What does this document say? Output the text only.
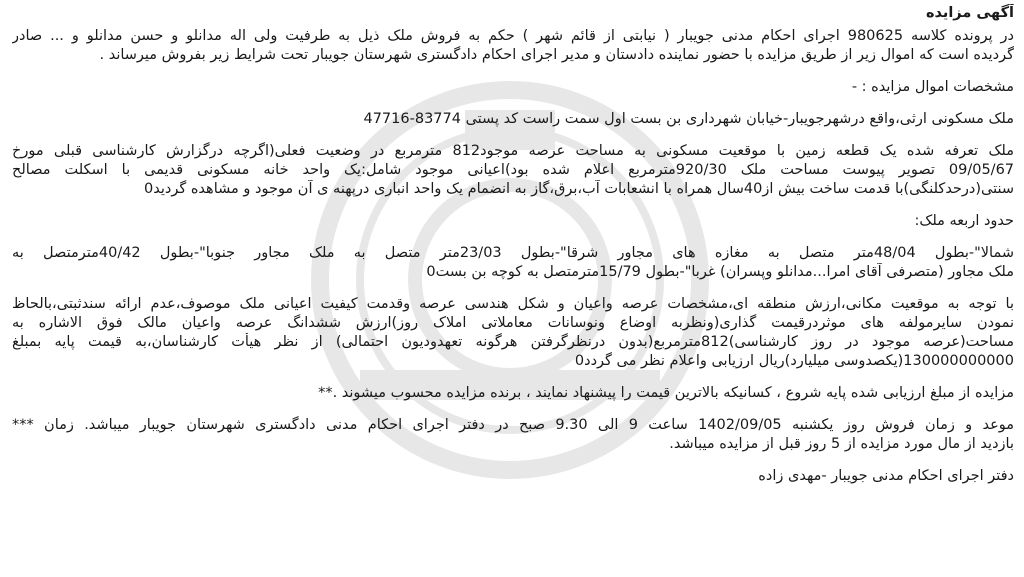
آگهی مزایده
در پرونده کلاسه 980625 اجرای احکام مدنی جویبار ( نیابتی از قائم شهر ) حکم به فروش ملک ذیل به طرفیت ولی اله مدانلو و حسن مدانلو و ... صادر
گردیده است که اموال زیر از طریق مزایده با حضور نماینده دادستان و مدیر اجرای احکام دادگستری شهرستان جویبار تحت شرایط زیر بفروش میرساند .
مشخصات اموال مزایده : -
ملک مسکونی ارثی،واقع درشهرجویبار-خیابان شهرداری بن بست اول سمت راست کد پستی 83774-47716
ملک تعرفه شده یک قطعه زمین با موقعیت مسکونی به مساحت عرصه موجود812 مترمربع در وضعیت فعلی(اگرچه درگزارش کارشناسی قبلی مورخ
09/05/67 تصویر پیوست مساحت ملک 920/30مترمربع اعلام شده بود)اعیانی موجود شامل:یک واحد خانه مسکونی قدیمی با اسکلت مصالح
سنتی(درحدکلنگی)با قدمت ساخت بیش از40سال همراه با انشعابات آب،برق،گاز به انضمام یک واحد انباری درپهنه ی آن موجود و مشاهده گردید0
حدود اربعه ملک:
شمالا"-بطول 48/04متر متصل به مغازه های مجاور شرقا"-بطول 23/03متر متصل به ملک مجاور جنوبا"-بطول 40/42مترمتصل به
ملک مجاور (متصرفی آقای امرا...مدانلو وپسران) غربا"-بطول 15/79مترمتصل به کوچه بن بست0
با توجه به موقعیت مکانی،ارزش منطقه ای،مشخصات عرصه واعیان و شکل هندسی عرصه وقدمت کیفیت اعیانی ملک موصوف،عدم ارائه سندثبتی،بالحاظ
نمودن سایرمولفه های موثردرقیمت گذاری(ونظربه اوضاع ونوسانات معاملاتی املاک روز)ارزش ششدانگ عرصه واعیان مالک فوق الاشاره به
مساحت(عرصه موجود در روز کارشناسی)812مترمربع(بدون درنظرگرفتن هرگونه تعهدودیون احتمالی) از نظر هیأت کارشناسان،به قیمت پایه بمبلغ
130000000000(یکصدوسی میلیارد)ریال ارزیابی واعلام نظر می گردد0
مزایده از مبلغ ارزیابی شده پایه شروع ، کسانیکه بالاترین قیمت را پیشنهاد نمایند ، برنده مزایده محسوب میشوند .**
موعد و زمان فروش روز یکشنبه 1402/09/05 ساعت 9 الی 9.30 صبح در دفتر اجرای احکام مدنی دادگستری شهرستان جویبار میباشد. زمان ***
بازدید از مال مورد مزایده از 5 روز قبل از مزایده میباشد.
دفتر اجرای احکام مدنی جویبار -مهدی زاده
